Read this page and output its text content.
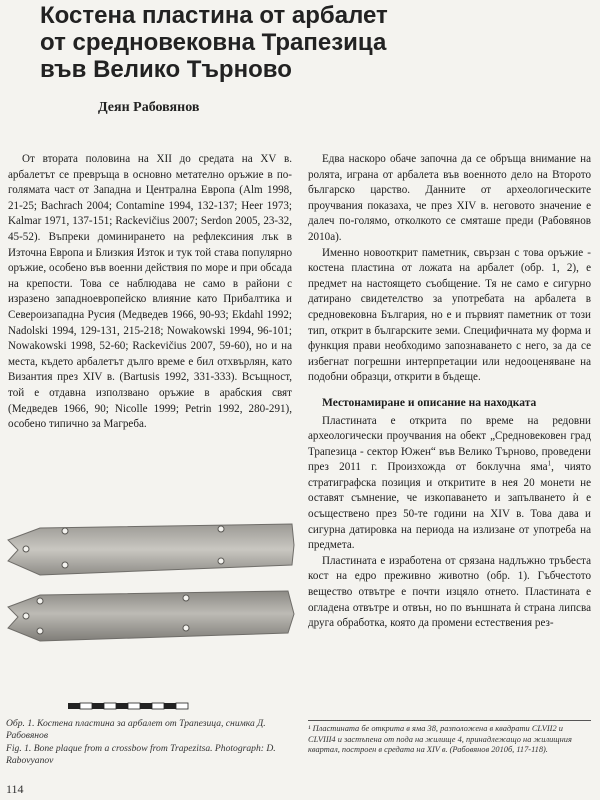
Костена пластина от арбалет
от средновековна Трапезица
във Велико Търново
Деян Рабовянов

От втората половина на XII до средата на XV в. арбалетът се превръща в основно метателно оръжие в по-голямата част от Западна и Централна Европа (Alm 1998, 21-25; Bachrach 2004; Contamine 1994, 132-137; Heer 1973; Kalmar 1971, 137-151; Rackevičius 2007; Serdon 2005, 23-32, 45-52). Въпреки доминирането на рефлексиния лък в Източна Европа и Близкия Изток и тук той става популярно оръжие, особено във военни действия по море и при обсада на крепости. Това се наблюдава не само в райони с изразено западноевропейско влияние като Прибалтика и Североизападна Русия (Медведев 1966, 90-93; Ekdahl 1992; Nadolski 1994, 129-131, 215-218; Nowakowski 1994, 96-101; Nowakowski 1998, 52-60; Rackevičius 2007, 59-60), но и на места, където арбалетът дълго време е бил отхвърлян, като Византия през XIV в. (Bartusis 1992, 331-333). Всъщност, той е отдавна използвано оръжие в арабския свят (Медведев 1966, 90; Nicolle 1999; Petrin 1992, 280-291), особено типично за Магреба.

Обр. 1. Костена пластина за арбалет от Трапезица, снимка Д. Рабовянов

Fig. 1. Bone plaque from a crossbow from Trapezitsa. Photograph: D. Rabovyanov

Едва наскоро обаче започна да се обръща внимание на ролята, играна от арбалета във военното дело на Второто българско царство. Данните от археологическите проучвания показаха, че през XIV в. неговото значение е далеч по-голямо, отколкото се смяташе преди (Рабовянов 2010а).

Именно новооткрит паметник, свързан с това оръжие - костена пластина от ложата на арбалет (обр. 1, 2), е предмет на настоящето съобщение. Тя не само е сигурно датирано свидетелство за употребата на арбалета в средновековна България, но е и първият паметник от този тип, открит в българските земи. Специфичната му форма и функция прави необходимо запознаването с него, за да се избегнат погрешни интерпретации или недооценяване на подобни образци, открити в бъдеще.

Местонамиране и описание на находката

Пластината е открита по време на редовни археологически проучвания на обект „Средновековен град Трапезица - сектор Южен“ във Велико Търново, проведени през 2011 г. Произхожда от боклучна яма$^1$, чиято стратиграфска позиция и откритите в нея 20 монети не оставят съмнение, че изкопаването и запълването ѝ е осъществено през 50-те години на XIV в. Това дава и сигурна датировка на периода на излизане от употреба на предмета.

Пластината е изработена от срязана надлъжно тръбеста кост на едро преживно животно (обр. 1). Гъбчестото вещество отвътре е почти изцяло отнето. Пластината е огладена отвътре и отвън, но по външната ѝ страна липсва друга обработка, която да промени естествения рез-

¹ Пластината бе открита в яма 38, разположена в квадрати CLVII2 и CLVIII4 и застъпена от пода на жилище 4, принадлежащо на жилищния квартал, построен в средата на XIV в. (Рабовянов 2010б, 117-118).

114
